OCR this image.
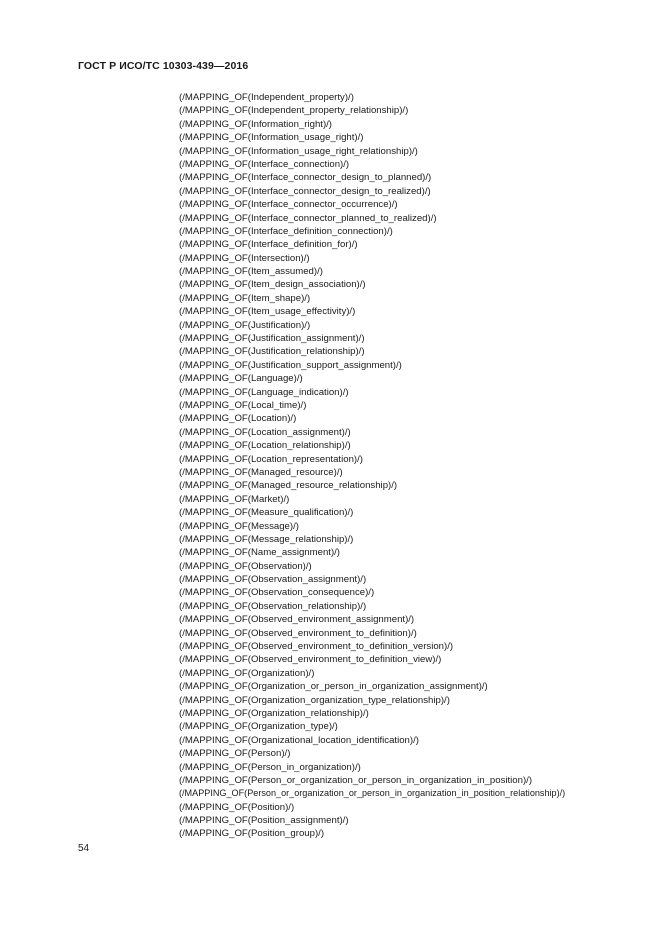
ГОСТ Р ИСО/ТС 10303-439—2016
(/MAPPING_OF(Independent_property)/)
(/MAPPING_OF(Independent_property_relationship)/)
(/MAPPING_OF(Information_right)/)
(/MAPPING_OF(Information_usage_right)/)
(/MAPPING_OF(Information_usage_right_relationship)/)
(/MAPPING_OF(Interface_connection)/)
(/MAPPING_OF(Interface_connector_design_to_planned)/)
(/MAPPING_OF(Interface_connector_design_to_realized)/)
(/MAPPING_OF(Interface_connector_occurrence)/)
(/MAPPING_OF(Interface_connector_planned_to_realized)/)
(/MAPPING_OF(Interface_definition_connection)/)
(/MAPPING_OF(Interface_definition_for)/)
(/MAPPING_OF(Intersection)/)
(/MAPPING_OF(Item_assumed)/)
(/MAPPING_OF(Item_design_association)/)
(/MAPPING_OF(Item_shape)/)
(/MAPPING_OF(Item_usage_effectivity)/)
(/MAPPING_OF(Justification)/)
(/MAPPING_OF(Justification_assignment)/)
(/MAPPING_OF(Justification_relationship)/)
(/MAPPING_OF(Justification_support_assignment)/)
(/MAPPING_OF(Language)/)
(/MAPPING_OF(Language_indication)/)
(/MAPPING_OF(Local_time)/)
(/MAPPING_OF(Location)/)
(/MAPPING_OF(Location_assignment)/)
(/MAPPING_OF(Location_relationship)/)
(/MAPPING_OF(Location_representation)/)
(/MAPPING_OF(Managed_resource)/)
(/MAPPING_OF(Managed_resource_relationship)/)
(/MAPPING_OF(Market)/)
(/MAPPING_OF(Measure_qualification)/)
(/MAPPING_OF(Message)/)
(/MAPPING_OF(Message_relationship)/)
(/MAPPING_OF(Name_assignment)/)
(/MAPPING_OF(Observation)/)
(/MAPPING_OF(Observation_assignment)/)
(/MAPPING_OF(Observation_consequence)/)
(/MAPPING_OF(Observation_relationship)/)
(/MAPPING_OF(Observed_environment_assignment)/)
(/MAPPING_OF(Observed_environment_to_definition)/)
(/MAPPING_OF(Observed_environment_to_definition_version)/)
(/MAPPING_OF(Observed_environment_to_definition_view)/)
(/MAPPING_OF(Organization)/)
(/MAPPING_OF(Organization_or_person_in_organization_assignment)/)
(/MAPPING_OF(Organization_organization_type_relationship)/)
(/MAPPING_OF(Organization_relationship)/)
(/MAPPING_OF(Organization_type)/)
(/MAPPING_OF(Organizational_location_identification)/)
(/MAPPING_OF(Person)/)
(/MAPPING_OF(Person_in_organization)/)
(/MAPPING_OF(Person_or_organization_or_person_in_organization_in_position)/)
(/MAPPING_OF(Person_or_organization_or_person_in_organization_in_position_relationship)/)
(/MAPPING_OF(Position)/)
(/MAPPING_OF(Position_assignment)/)
(/MAPPING_OF(Position_group)/)
54
